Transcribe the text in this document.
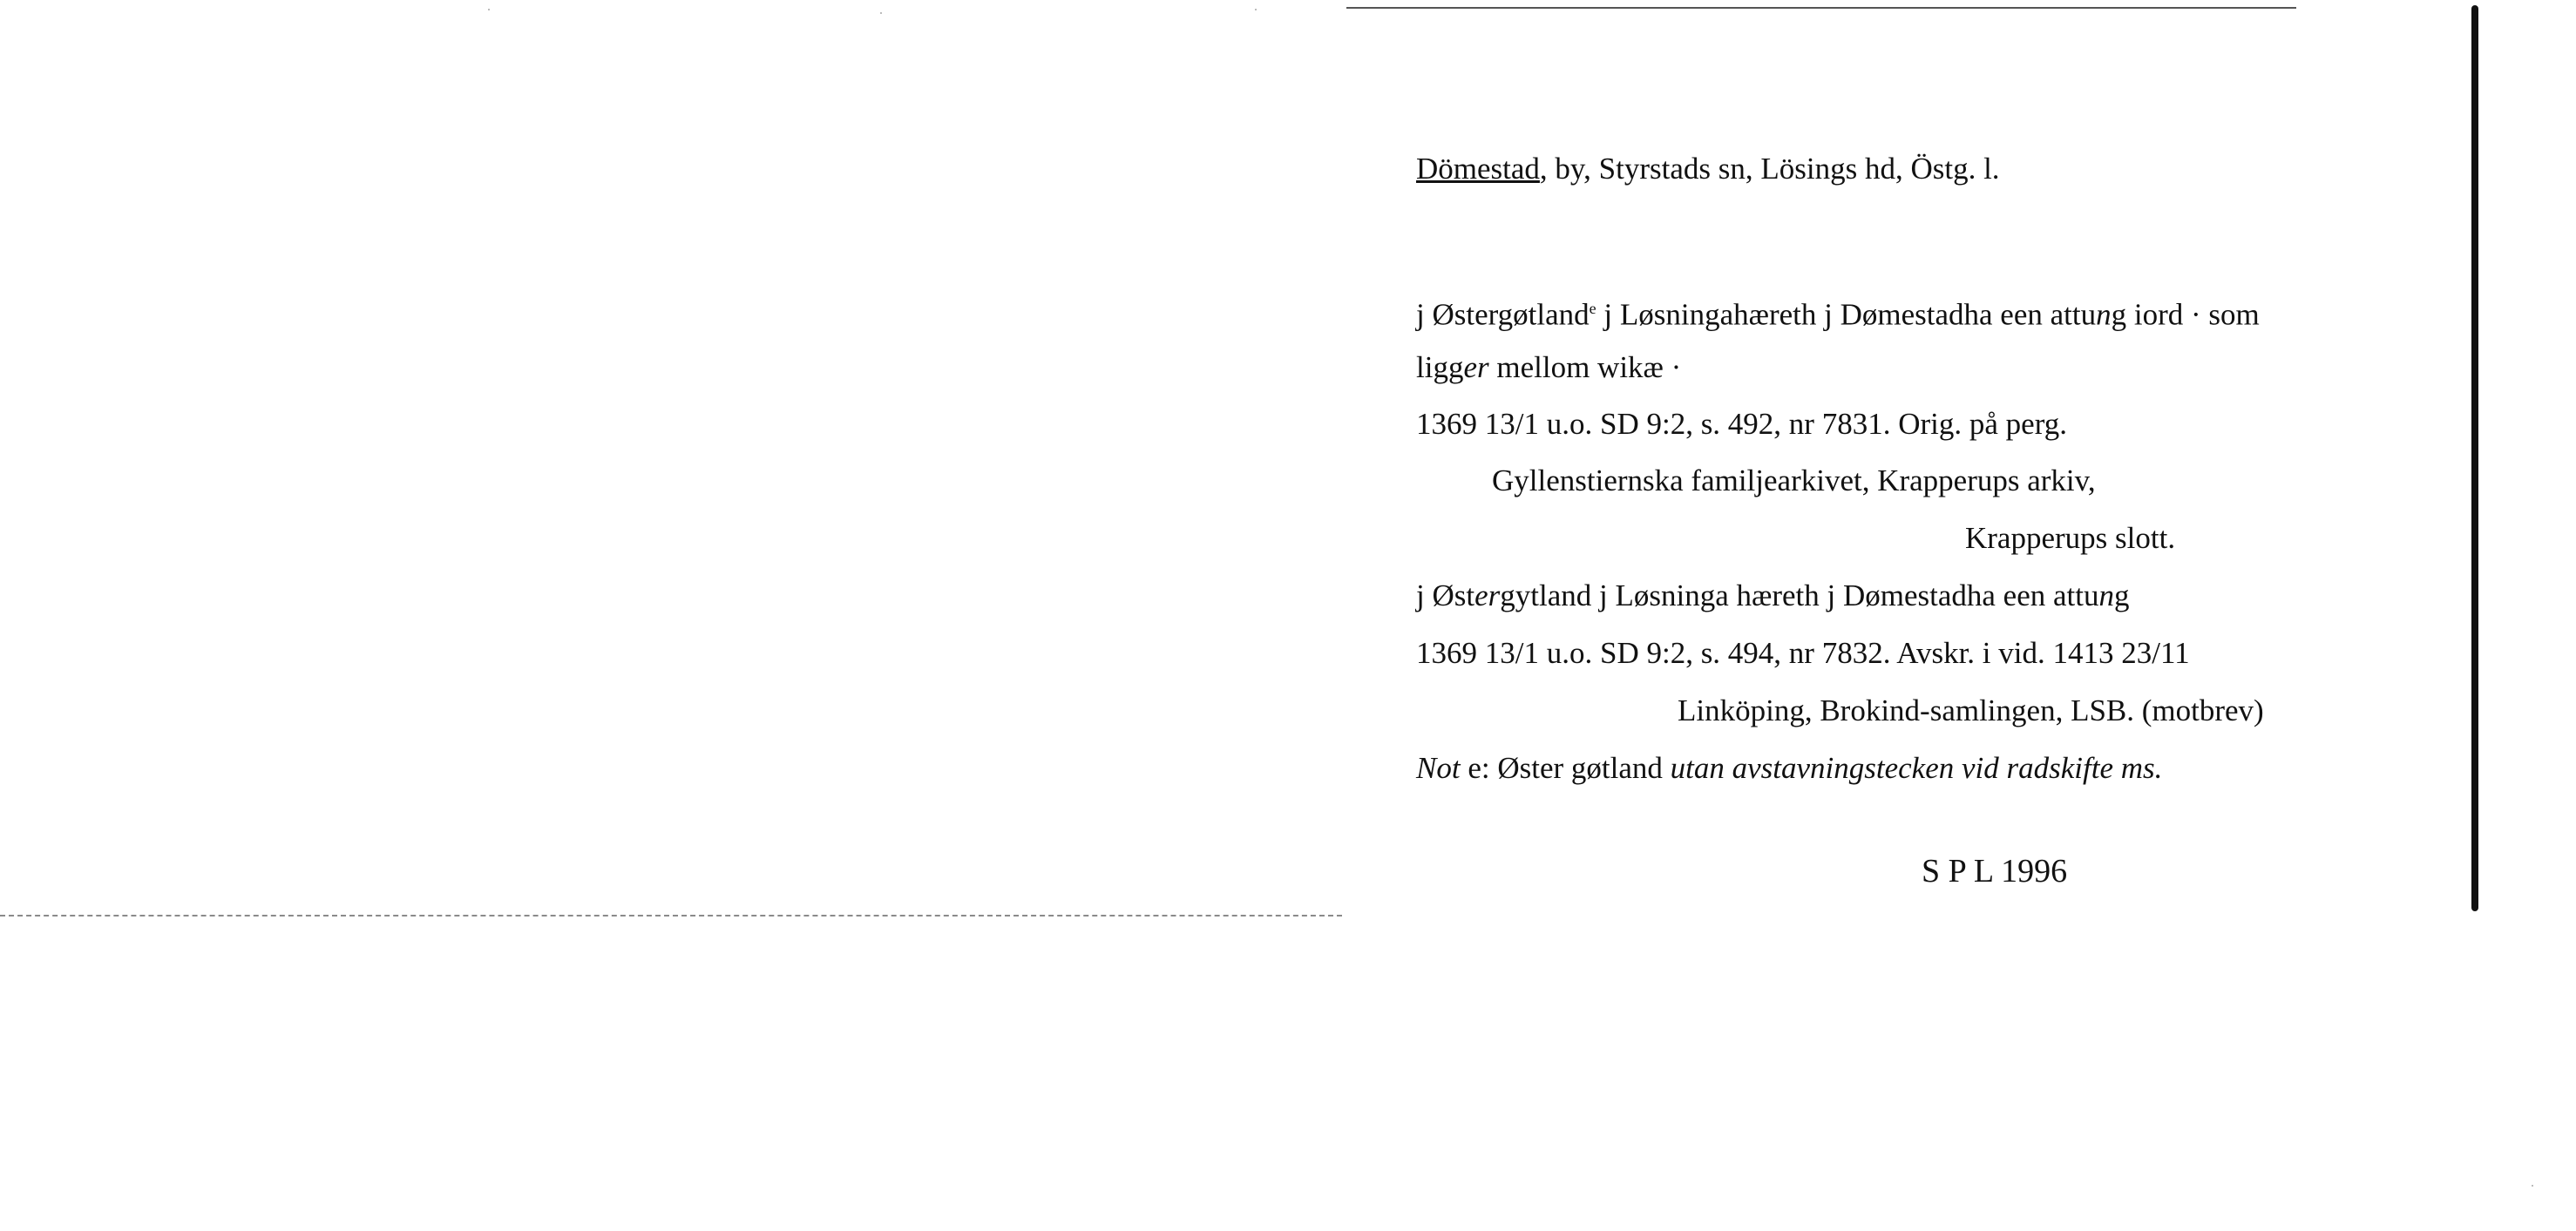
Dömestad, by, Styrstads sn, Lösings hd, Östg. l.
j Østergøtland$^e$ j Løsningahæreth j Dømestadha een attung iord · som
ligger mellom wikæ ·
1369 13/1 u.o. SD 9:2, s. 492, nr 7831. Orig. på perg.
Gyllenstiernska familjearkivet, Krapperups arkiv,
Krapperups slott.
j Østergytland j Løsninga hæreth j Dømestadha een attung
1369 13/1 u.o. SD 9:2, s. 494, nr 7832. Avskr. i vid. 1413 23/11
Linköping, Brokind-samlingen, LSB. (motbrev)
Not e: Øster gøtland utan avstavningstecken vid radskifte ms.
S P L 1996
